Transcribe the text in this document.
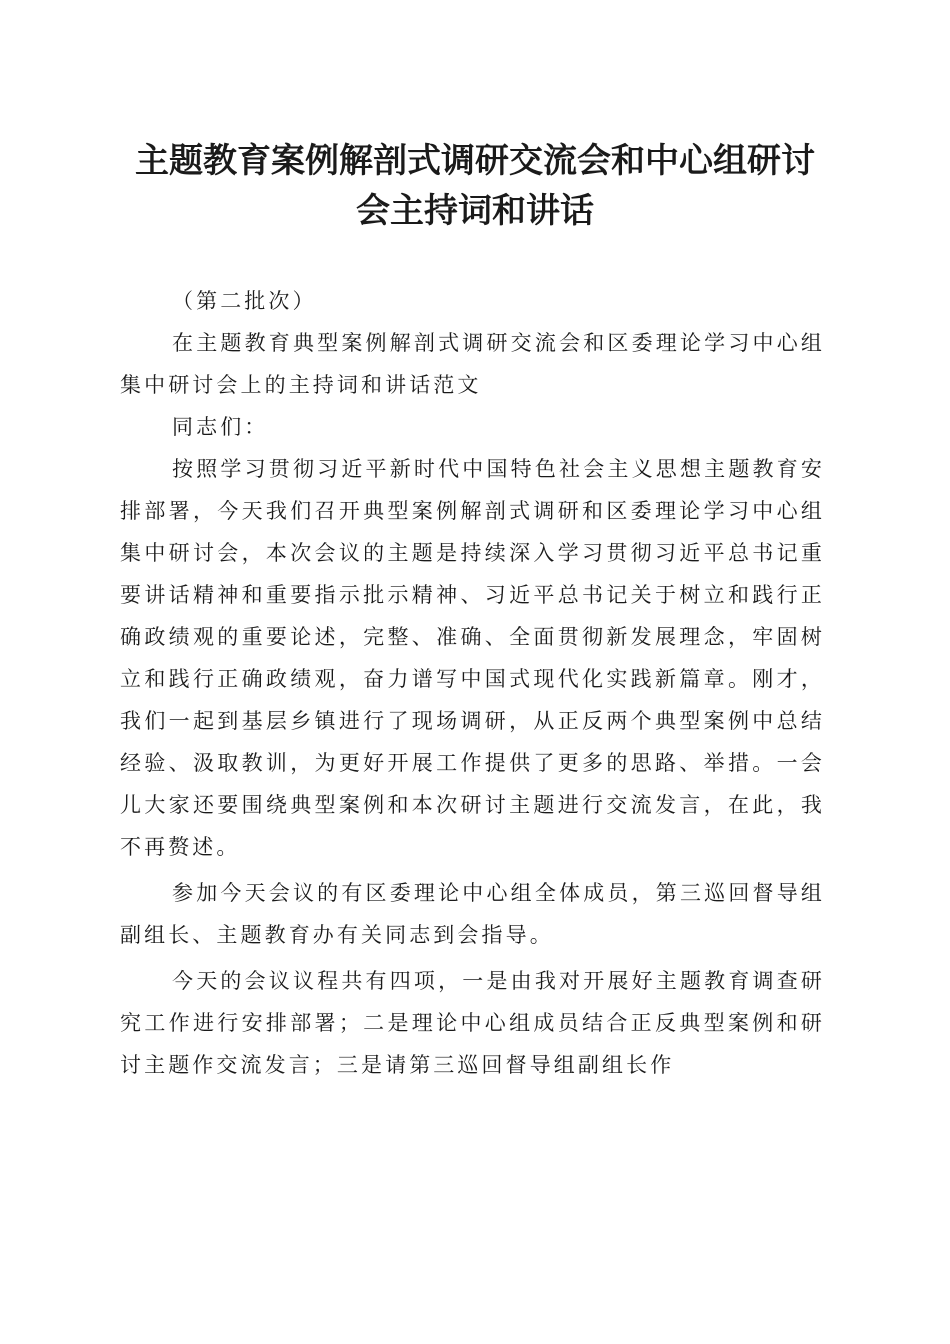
主题教育案例解剖式调研交流会和中心组研讨
会主持词和讲话

（第二批次）

在主题教育典型案例解剖式调研交流会和区委理论学习中心组集中研讨会上的主持词和讲话范文

同志们：

按照学习贯彻习近平新时代中国特色社会主义思想主题教育安排部署，今天我们召开典型案例解剖式调研和区委理论学习中心组集中研讨会，本次会议的主题是持续深入学习贯彻习近平总书记重要讲话精神和重要指示批示精神、习近平总书记关于树立和践行正确政绩观的重要论述，完整、准确、全面贯彻新发展理念，牢固树立和践行正确政绩观，奋力谱写中国式现代化实践新篇章。刚才，我们一起到基层乡镇进行了现场调研，从正反两个典型案例中总结经验、汲取教训，为更好开展工作提供了更多的思路、举措。一会儿大家还要围绕典型案例和本次研讨主题进行交流发言，在此，我不再赘述。

参加今天会议的有区委理论中心组全体成员，第三巡回督导组副组长、主题教育办有关同志到会指导。

今天的会议议程共有四项，一是由我对开展好主题教育调查研究工作进行安排部署；二是理论中心组成员结合正反典型案例和研讨主题作交流发言；三是请第三巡回督导组副组长作
